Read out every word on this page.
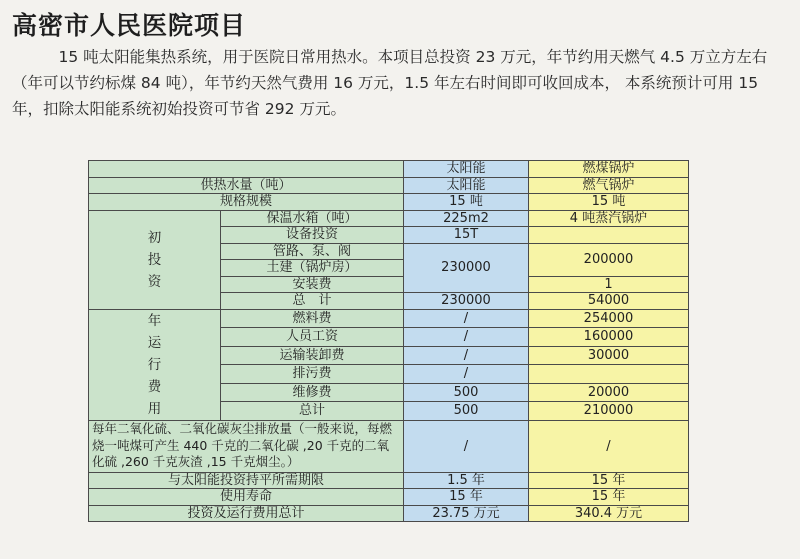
高密市人民医院项目
15 吨太阳能集热系统，用于医院日常用热水。本项目总投资 23 万元，年节约用天燃气 4.5 万立方左右（年可以节约标煤 84 吨），年节约天然气费用 16 万元，1.5 年左右时间即可收回成本， 本系统预计可用 15 年，扣除太阳能系统初始投资可节省 292 万元。
		太阳能	燃煤锅炉
供热水量（吨）		太阳能	燃气锅炉
规格规模		15 吨	15 吨

初
投
资	保温水箱（吨）	225m2	4 吨蒸汽锅炉
	设备投资	15T	
	管路、泵、阀	230000	200000
	土建（锅炉房）		
	安装费		1
	总　计	230000	54000

年
运
行
费
用	燃料费	/	254000
	人员工资	/	160000
	运输装卸费	/	30000
	排污费	/	
	维修费	500	20000
	总计	500	210000
每年二氧化硫、二氧化碳灰尘排放量（一般来说，每燃烧一吨煤可产生 440 千克的二氧化碳 ,20 千克的二氧化硫 ,260 千克灰渣 ,15 千克烟尘。）		/	/
与太阳能投资持平所需期限		1.5 年	15 年
使用寿命		15 年	15 年
投资及运行费用总计		23.75 万元	340.4 万元
